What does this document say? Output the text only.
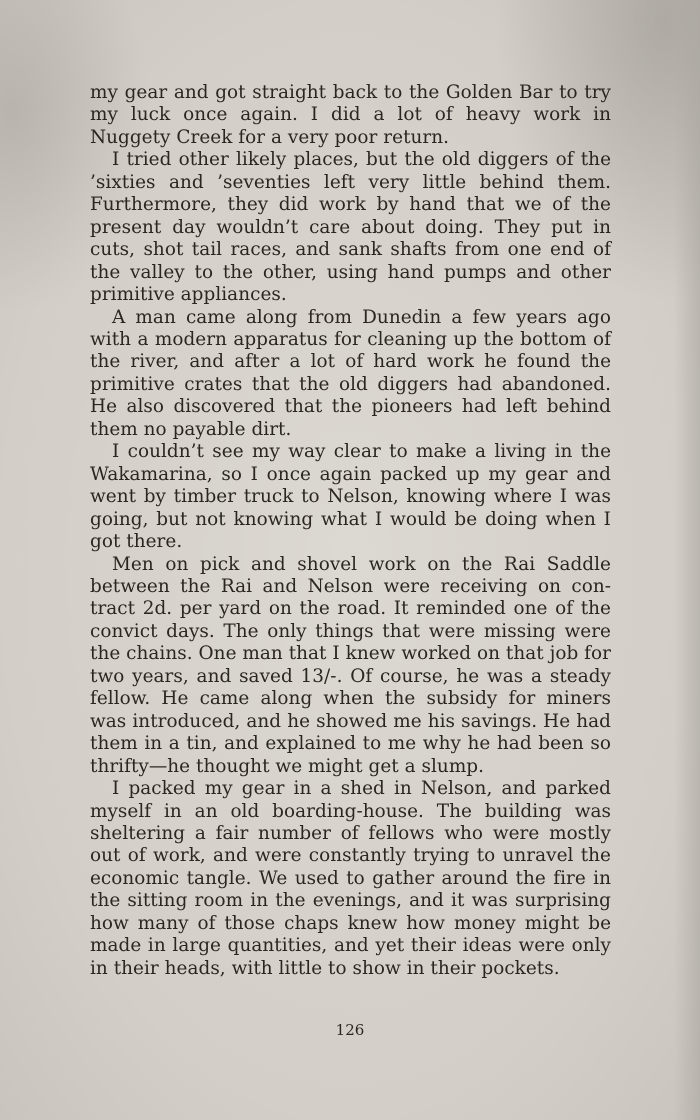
my gear and got straight back to the Golden Bar to try my luck once again. I did a lot of heavy work in Nuggety Creek for a very poor return.

I tried other likely places, but the old diggers of the ’sixties and ’seventies left very little behind them. Furthermore, they did work by hand that we of the present day wouldn’t care about doing. They put in cuts, shot tail races, and sank shafts from one end of the valley to the other, using hand pumps and other primitive appliances.

A man came along from Dunedin a few years ago with a modern apparatus for cleaning up the bottom of the river, and after a lot of hard work he found the primitive crates that the old diggers had abandoned. He also discovered that the pioneers had left behind them no payable dirt.

I couldn’t see my way clear to make a living in the Wakamarina, so I once again packed up my gear and went by timber truck to Nelson, knowing where I was going, but not knowing what I would be doing when I got there.

Men on pick and shovel work on the Rai Saddle between the Rai and Nelson were receiving on contract 2d. per yard on the road. It reminded one of the convict days. The only things that were missing were the chains. One man that I knew worked on that job for two years, and saved 13/-. Of course, he was a steady fellow. He came along when the subsidy for miners was introduced, and he showed me his savings. He had them in a tin, and explained to me why he had been so thrifty—he thought we might get a slump.

I packed my gear in a shed in Nelson, and parked myself in an old boarding-house. The building was sheltering a fair number of fellows who were mostly out of work, and were constantly trying to unravel the economic tangle. We used to gather around the fire in the sitting room in the evenings, and it was surprising how many of those chaps knew how money might be made in large quantities, and yet their ideas were only in their heads, with little to show in their pockets.

126
